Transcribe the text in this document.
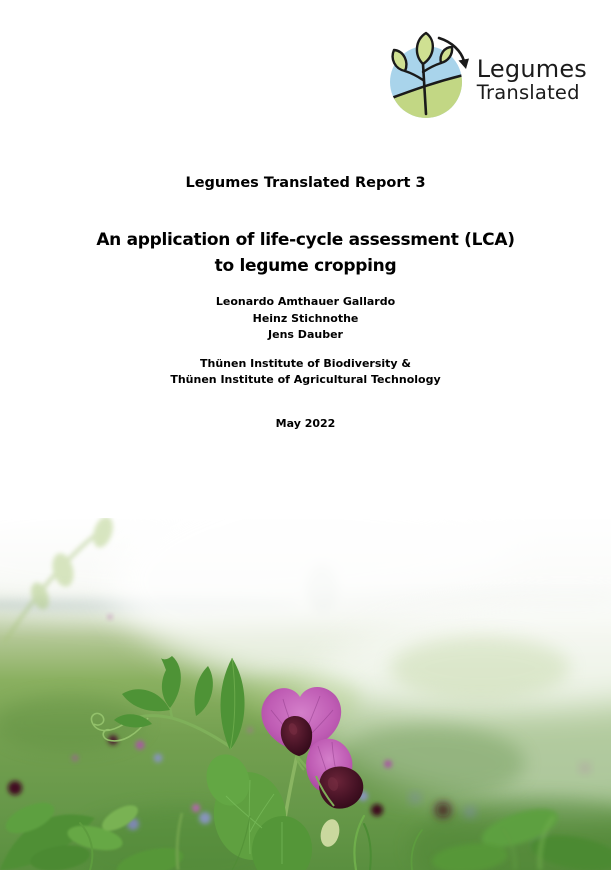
Legumes
Translated
Legumes Translated Report 3
An application of life-cycle assessment (LCA)
to legume cropping
Leonardo Amthauer Gallardo
Heinz Stichnothe
Jens Dauber
Thünen Institute of Biodiversity &
Thünen Institute of Agricultural Technology
May 2022
